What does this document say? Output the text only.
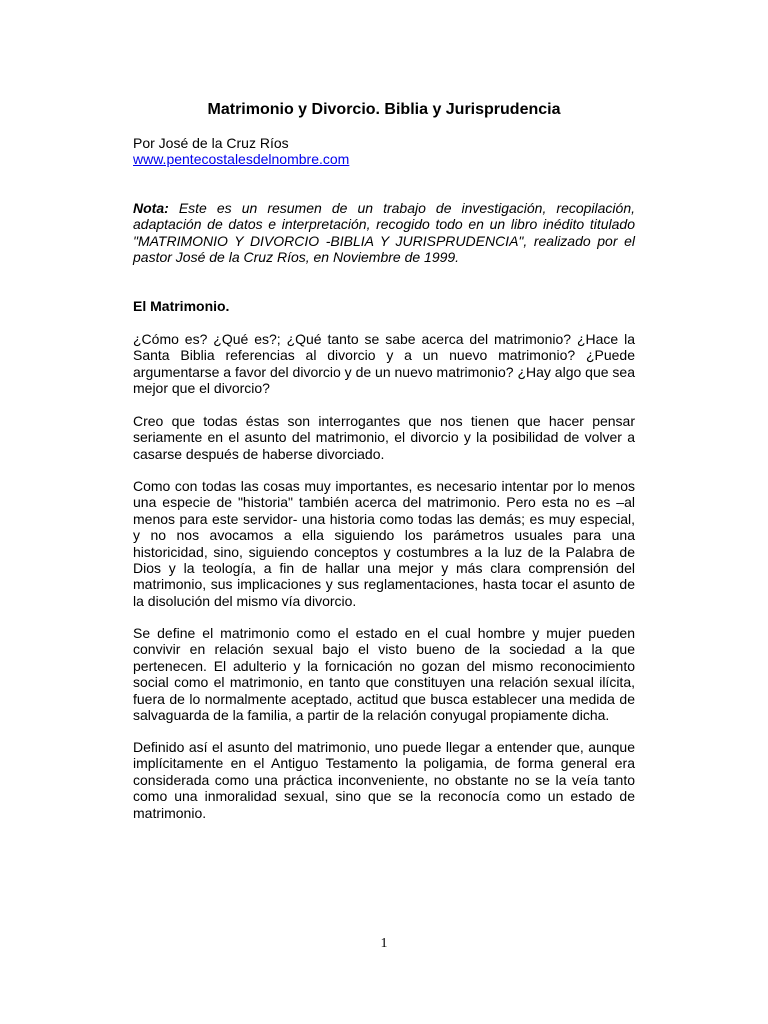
Matrimonio y Divorcio. Biblia y Jurisprudencia

Por José de la Cruz Ríos

www.pentecostalesdelnombre.com

Nota: Este es un resumen de un trabajo de investigación, recopilación, adaptación de datos e interpretación, recogido todo en un libro inédito titulado "MATRIMONIO Y DIVORCIO -BIBLIA Y JURISPRUDENCIA", realizado por el pastor José de la Cruz Ríos, en Noviembre de 1999.

El Matrimonio.

¿Cómo es? ¿Qué es?; ¿Qué tanto se sabe acerca del matrimonio? ¿Hace la Santa Biblia referencias al divorcio y a un nuevo matrimonio? ¿Puede argumentarse a favor del divorcio y de un nuevo matrimonio? ¿Hay algo que sea mejor que el divorcio?

Creo que todas éstas son interrogantes que nos tienen que hacer pensar seriamente en el asunto del matrimonio, el divorcio y la posibilidad de volver a casarse después de haberse divorciado.

Como con todas las cosas muy importantes, es necesario intentar por lo menos una especie de "historia" también acerca del matrimonio. Pero esta no es –al menos para este servidor- una historia como todas las demás; es muy especial, y no nos avocamos a ella siguiendo los parámetros usuales para una historicidad, sino, siguiendo conceptos y costumbres a la luz de la Palabra de Dios y la teología, a fin de hallar una mejor y más clara comprensión del matrimonio, sus implicaciones y sus reglamentaciones, hasta tocar el asunto de la disolución del mismo vía divorcio.

Se define el matrimonio como el estado en el cual hombre y mujer pueden convivir en relación sexual bajo el visto bueno de la sociedad a la que pertenecen. El adulterio y la fornicación no gozan del mismo reconocimiento social como el matrimonio, en tanto que constituyen una relación sexual ilícita, fuera de lo normalmente aceptado, actitud que busca establecer una medida de salvaguarda de la familia, a partir de la relación conyugal propiamente dicha.

Definido así el asunto del matrimonio, uno puede llegar a entender que, aunque implícitamente en el Antiguo Testamento la poligamia, de forma general era considerada como una práctica inconveniente, no obstante no se la veía tanto como una inmoralidad sexual, sino que se la reconocía como un estado de matrimonio.

1
